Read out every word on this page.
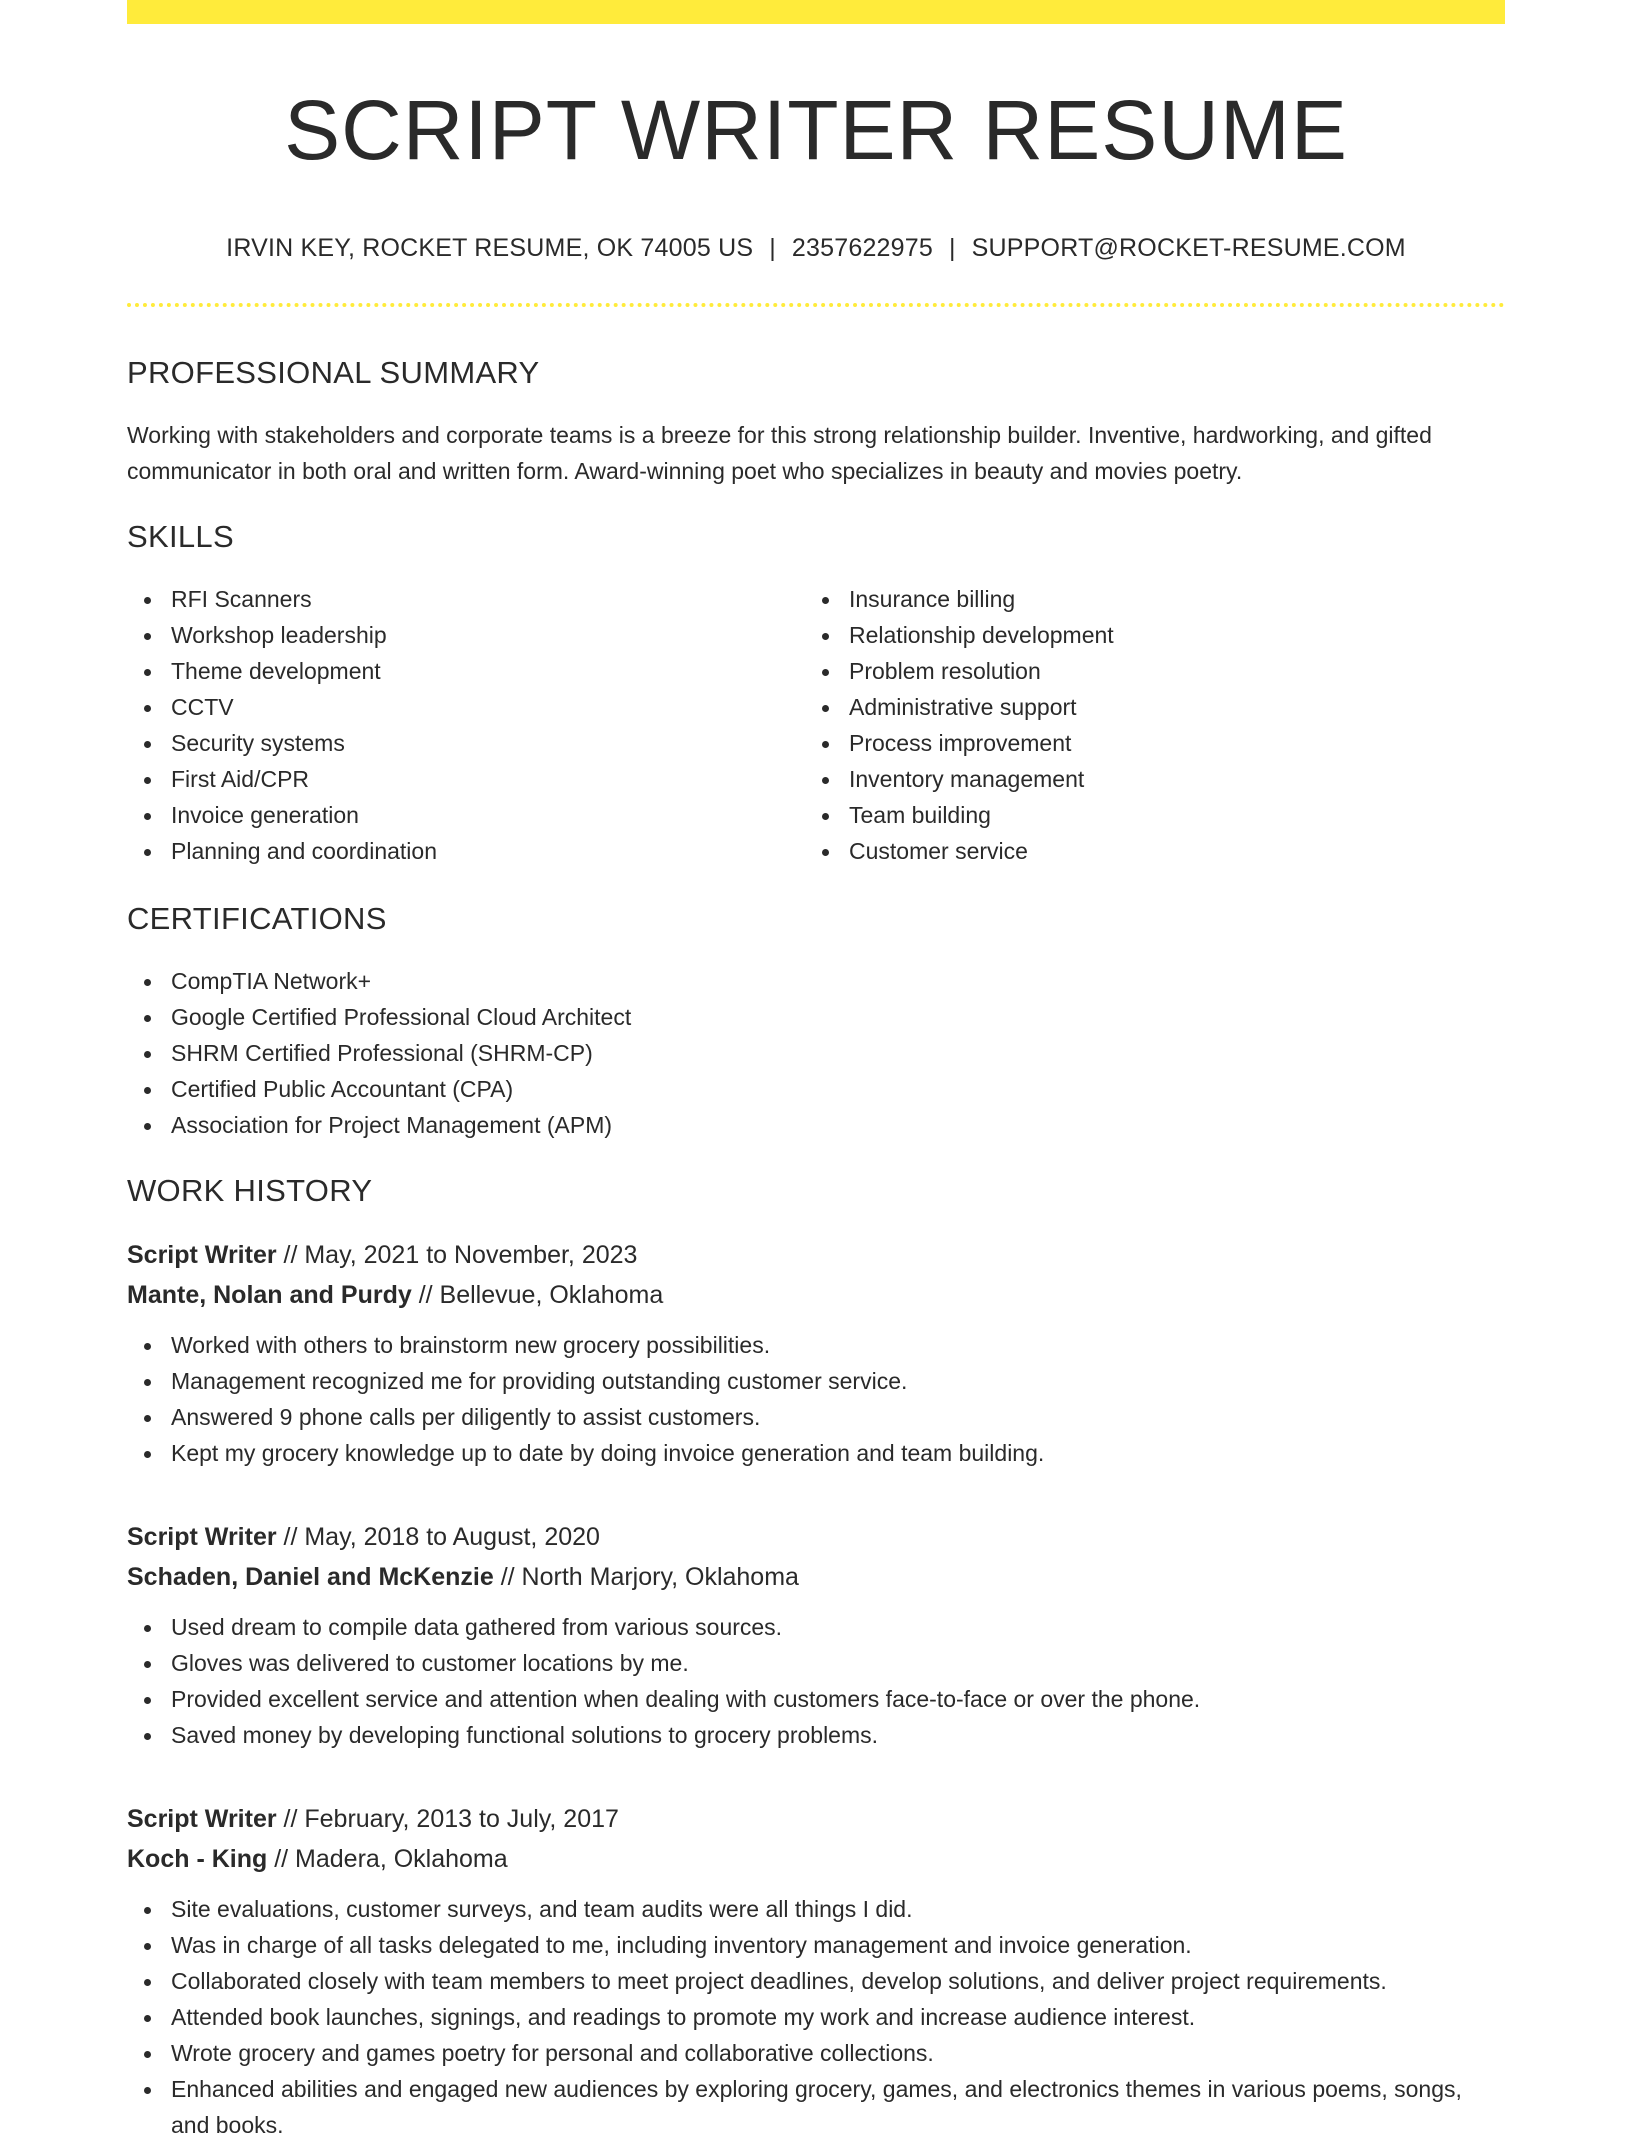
SCRIPT WRITER RESUME
IRVIN KEY, ROCKET RESUME, OK 74005 US | 2357622975 | SUPPORT@ROCKET-RESUME.COM
PROFESSIONAL SUMMARY

Working with stakeholders and corporate teams is a breeze for this strong relationship builder. Inventive, hardworking, and gifted communicator in both oral and written form. Award-winning poet who specializes in beauty and movies poetry.

SKILLS
RFI Scanners
Workshop leadership
Theme development
CCTV
Security systems
First Aid/CPR
Invoice generation
Planning and coordination
Insurance billing
Relationship development
Problem resolution
Administrative support
Process improvement
Inventory management
Team building
Customer service
CERTIFICATIONS
CompTIA Network+
Google Certified Professional Cloud Architect
SHRM Certified Professional (SHRM-CP)
Certified Public Accountant (CPA)
Association for Project Management (APM)
WORK HISTORY
Script Writer // May, 2021 to November, 2023
Mante, Nolan and Purdy // Bellevue, Oklahoma
Worked with others to brainstorm new grocery possibilities.
Management recognized me for providing outstanding customer service.
Answered 9 phone calls per diligently to assist customers.
Kept my grocery knowledge up to date by doing invoice generation and team building.
Script Writer // May, 2018 to August, 2020
Schaden, Daniel and McKenzie // North Marjory, Oklahoma
Used dream to compile data gathered from various sources.
Gloves was delivered to customer locations by me.
Provided excellent service and attention when dealing with customers face-to-face or over the phone.
Saved money by developing functional solutions to grocery problems.
Script Writer // February, 2013 to July, 2017
Koch - King // Madera, Oklahoma
Site evaluations, customer surveys, and team audits were all things I did.
Was in charge of all tasks delegated to me, including inventory management and invoice generation.
Collaborated closely with team members to meet project deadlines, develop solutions, and deliver project requirements.
Attended book launches, signings, and readings to promote my work and increase audience interest.
Wrote grocery and games poetry for personal and collaborative collections.
Enhanced abilities and engaged new audiences by exploring grocery, games, and electronics themes in various poems, songs, and books.
